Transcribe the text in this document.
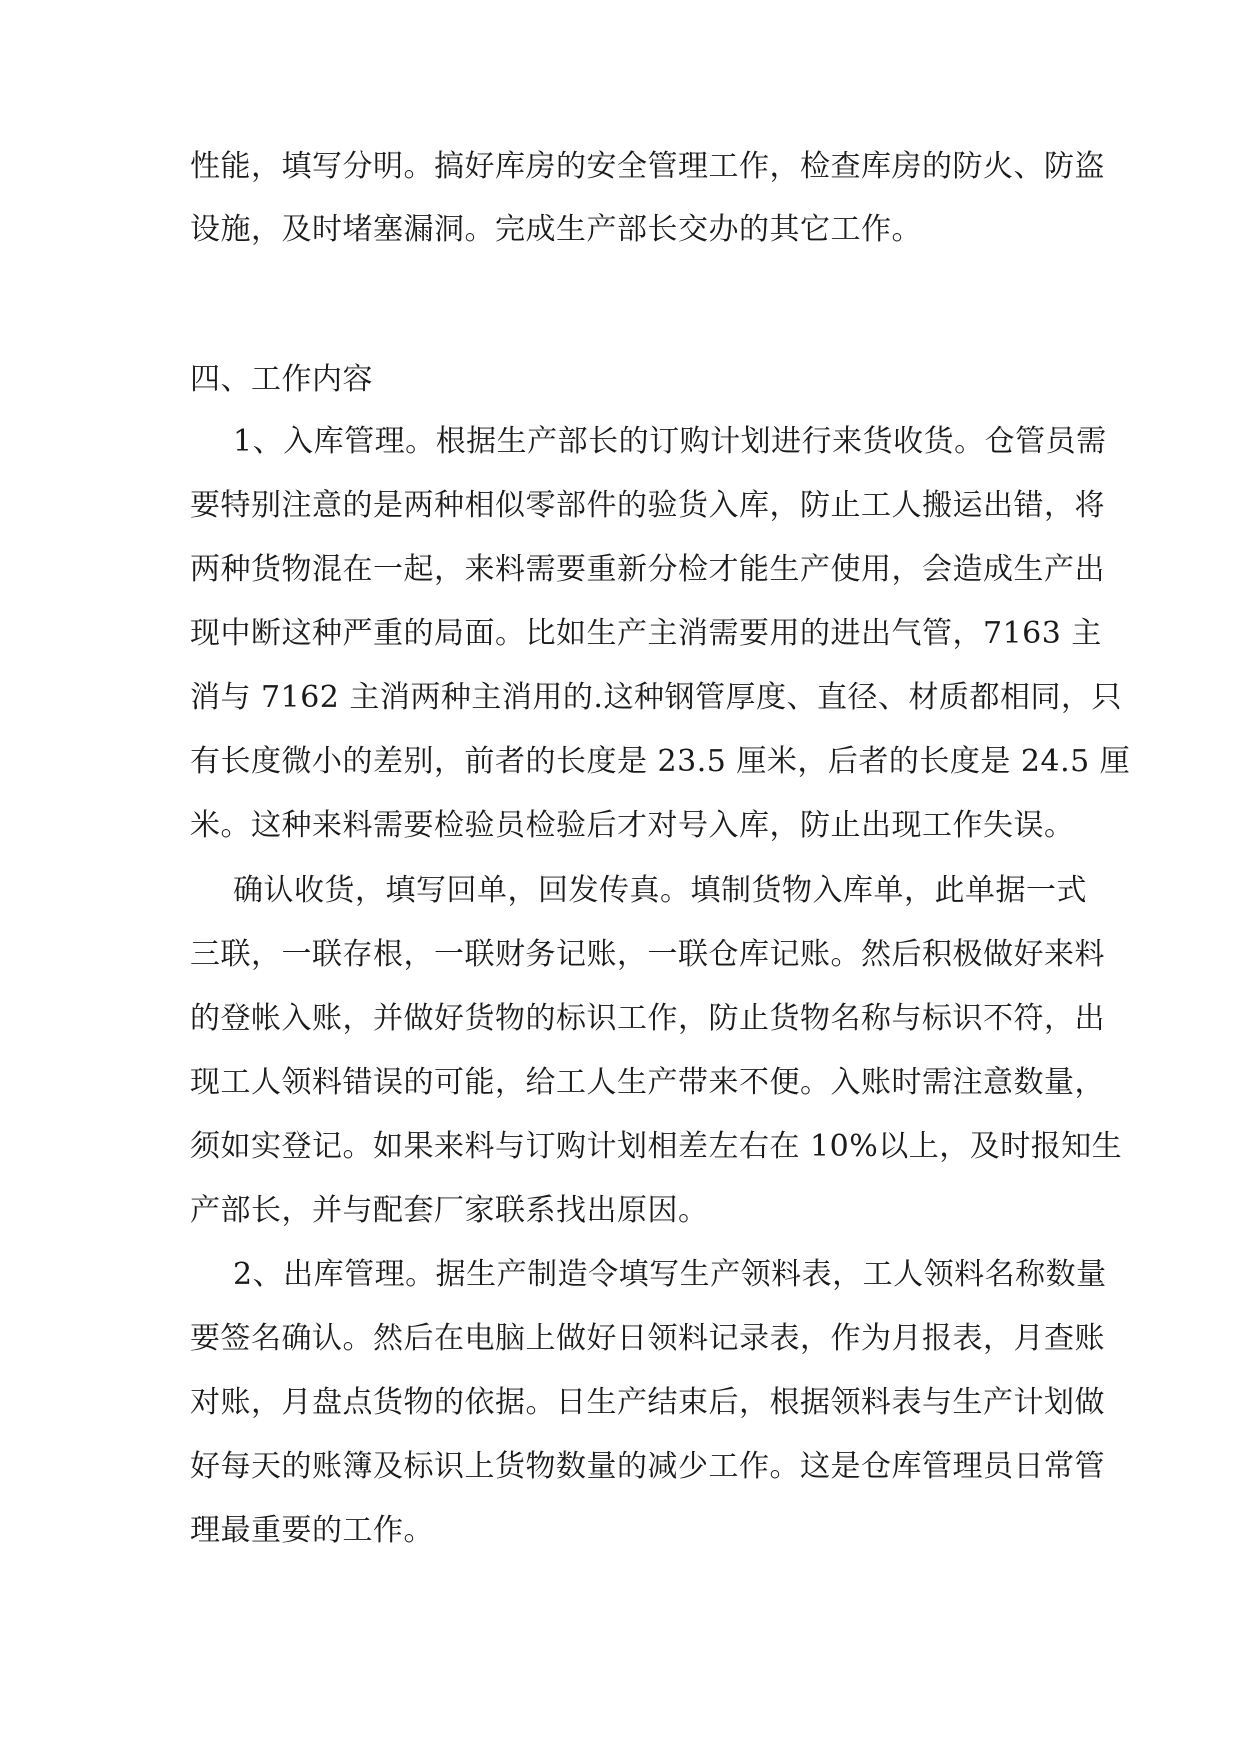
性能，填写分明。搞好库房的安全管理工作，检查库房的防火、防盗
设施，及时堵塞漏洞。完成生产部长交办的其它工作。
四、工作内容
1、入库管理。根据生产部长的订购计划进行来货收货。仓管员需
要特别注意的是两种相似零部件的验货入库，防止工人搬运出错，将
两种货物混在一起，来料需要重新分检才能生产使用，会造成生产出
现中断这种严重的局面。比如生产主消需要用的进出气管，7163 主
消与 7162 主消两种主消用的.这种钢管厚度、直径、材质都相同，只
有长度微小的差别，前者的长度是 23.5 厘米，后者的长度是 24.5 厘
米。这种来料需要检验员检验后才对号入库，防止出现工作失误。
确认收货，填写回单，回发传真。填制货物入库单，此单据一式
三联，一联存根，一联财务记账，一联仓库记账。然后积极做好来料
的登帐入账，并做好货物的标识工作，防止货物名称与标识不符，出
现工人领料错误的可能，给工人生产带来不便。入账时需注意数量，
须如实登记。如果来料与订购计划相差左右在 10%以上，及时报知生
产部长，并与配套厂家联系找出原因。
2、出库管理。据生产制造令填写生产领料表，工人领料名称数量
要签名确认。然后在电脑上做好日领料记录表，作为月报表，月查账
对账，月盘点货物的依据。日生产结束后，根据领料表与生产计划做
好每天的账簿及标识上货物数量的减少工作。这是仓库管理员日常管
理最重要的工作。
